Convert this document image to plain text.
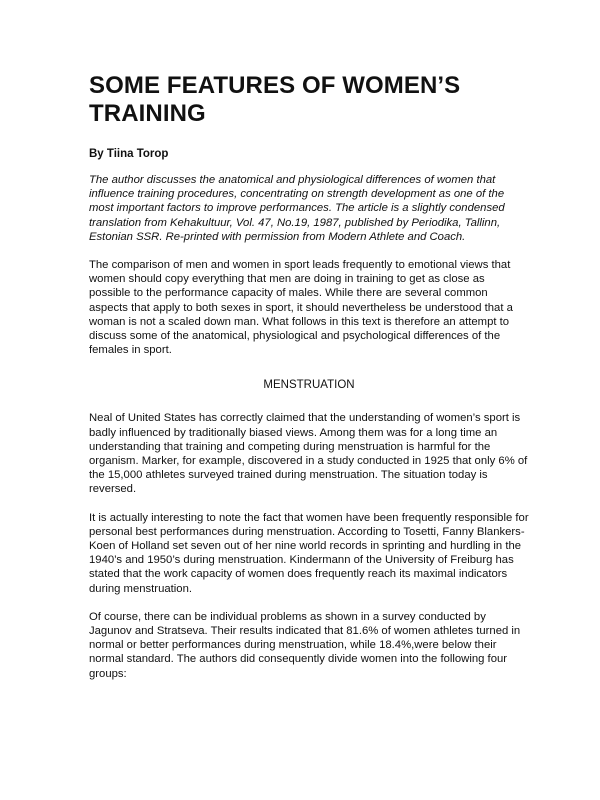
SOME FEATURES OF WOMEN’S TRAINING

By Tiina Torop

The author discusses the anatomical and physiological differences of women that influence training procedures, concentrating on strength development as one of the most important factors to improve performances. The article is a slightly condensed translation from Kehakultuur, Vol. 47, No.19, 1987, published by Periodika, Tallinn, Estonian SSR. Re-printed with permission from Modern Athlete and Coach.

The comparison of men and women in sport leads frequently to emotional views that women should copy everything that men are doing in training to get as close as possible to the performance capacity of males. While there are several common aspects that apply to both sexes in sport, it should nevertheless be understood that a woman is not a scaled down man. What follows in this text is therefore an attempt to discuss some of the anatomical, physiological and psychological differences of the females in sport.

MENSTRUATION

Neal of United States has correctly claimed that the understanding of women’s sport is badly influenced by traditionally biased views. Among them was for a long time an understanding that training and competing during menstruation is harmful for the organism. Marker, for example, discovered in a study conducted in 1925 that only 6% of the 15,000 athletes surveyed trained during menstruation. The situation today is reversed.

It is actually interesting to note the fact that women have been frequently responsible for personal best performances during menstruation. According to Tosetti, Fanny Blankers-Koen of Holland set seven out of her nine world records in sprinting and hurdling in the 1940’s and 1950’s during menstruation. Kindermann of the University of Freiburg has stated that the work capacity of women does frequently reach its maximal indicators during menstruation.

Of course, there can be individual problems as shown in a survey conducted by Jagunov and Stratseva. Their results indicated that 81.6% of women athletes turned in normal or better performances during menstruation, while 18.4%,were below their normal standard. The authors did consequently divide women into the following four groups:
